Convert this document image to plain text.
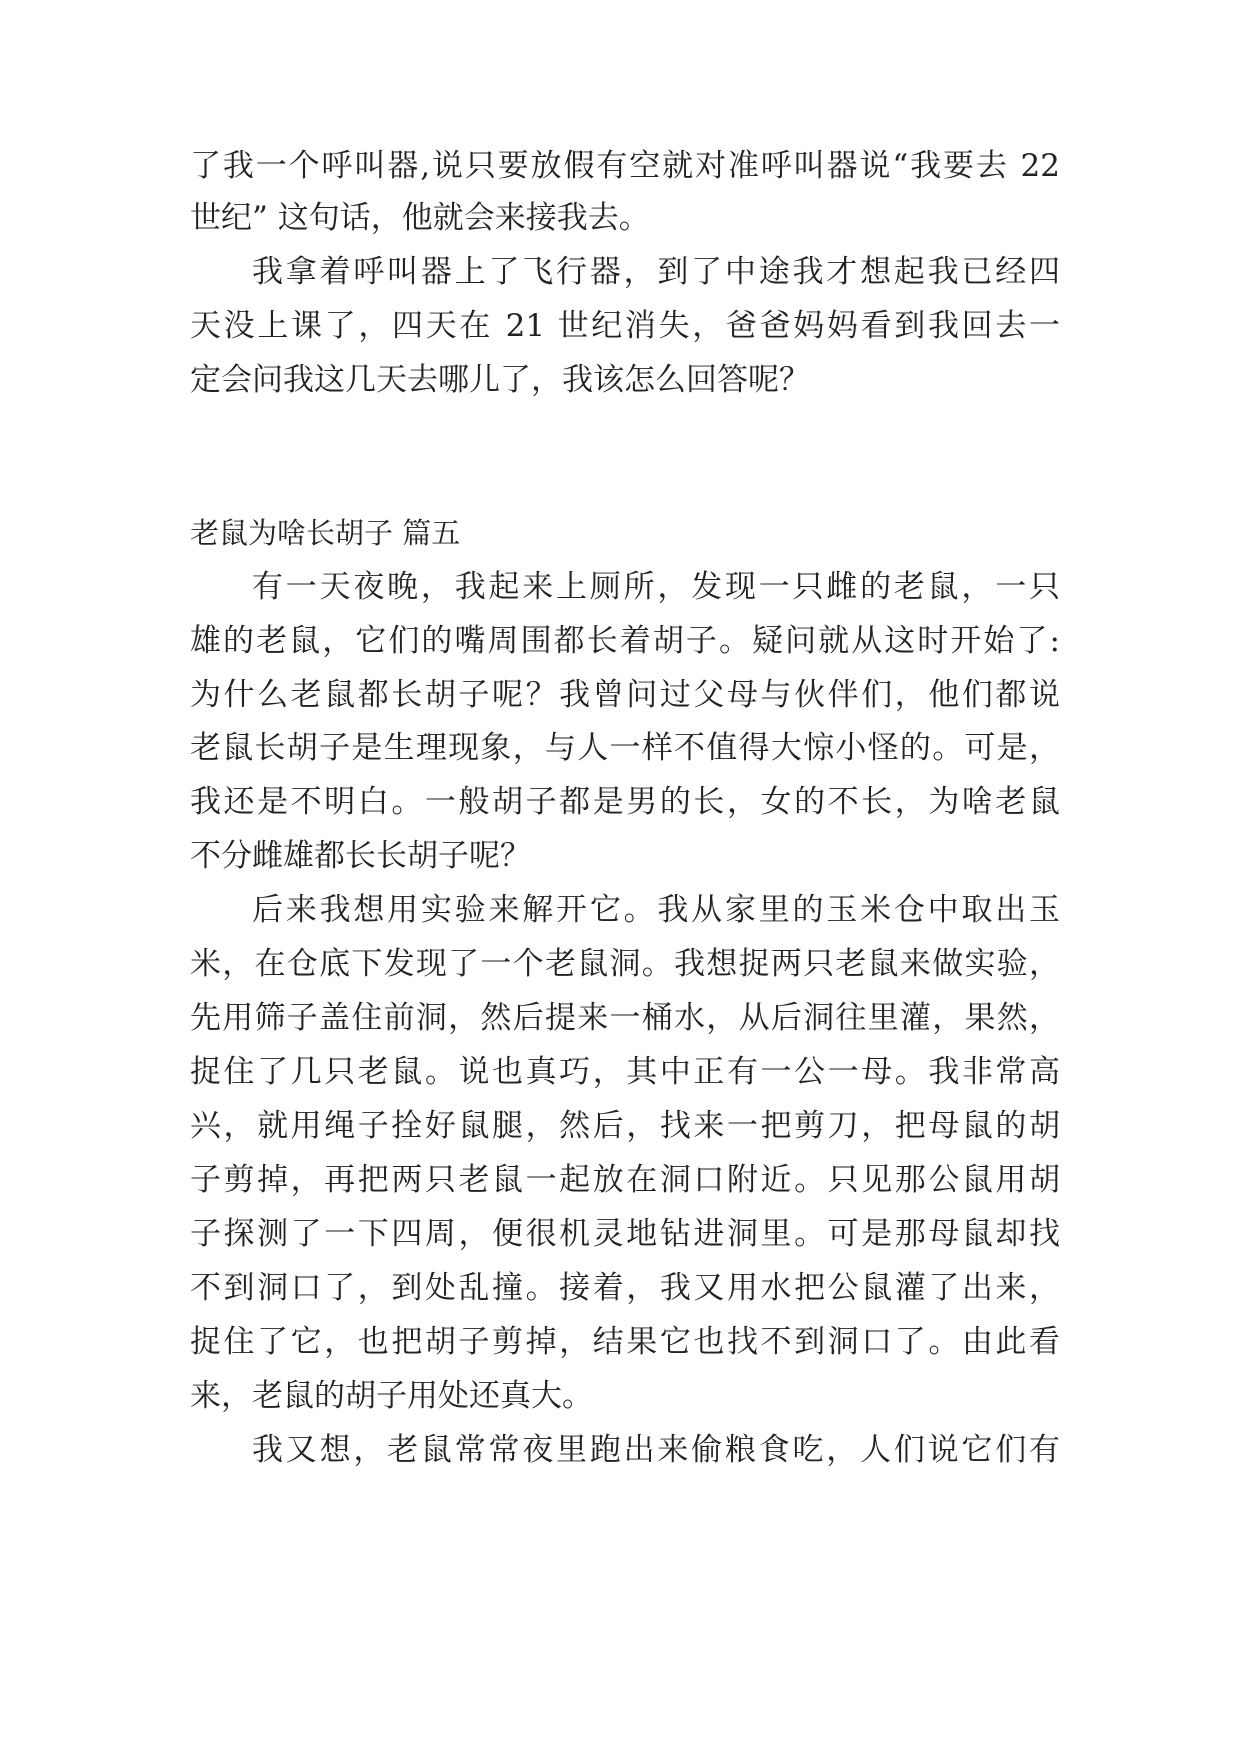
了我一个呼叫器,说只要放假有空就对准呼叫器说“我要去 22
世纪” 这句话，他就会来接我去。
我拿着呼叫器上了飞行器，到了中途我才想起我已经四
天没上课了，四天在 21 世纪消失，爸爸妈妈看到我回去一
定会问我这几天去哪儿了，我该怎么回答呢？
老鼠为啥长胡子 篇五
有一天夜晚，我起来上厕所，发现一只雌的老鼠，一只
雄的老鼠，它们的嘴周围都长着胡子。疑问就从这时开始了:
为什么老鼠都长胡子呢？我曾问过父母与伙伴们，他们都说
老鼠长胡子是生理现象，与人一样不值得大惊小怪的。可是，
我还是不明白。一般胡子都是男的长，女的不长，为啥老鼠
不分雌雄都长长胡子呢？
后来我想用实验来解开它。我从家里的玉米仓中取出玉
米，在仓底下发现了一个老鼠洞。我想捉两只老鼠来做实验，
先用筛子盖住前洞，然后提来一桶水，从后洞往里灌，果然，
捉住了几只老鼠。说也真巧，其中正有一公一母。我非常高
兴，就用绳子拴好鼠腿，然后，找来一把剪刀，把母鼠的胡
子剪掉，再把两只老鼠一起放在洞口附近。只见那公鼠用胡
子探测了一下四周，便很机灵地钻进洞里。可是那母鼠却找
不到洞口了，到处乱撞。接着，我又用水把公鼠灌了出来，
捉住了它，也把胡子剪掉，结果它也找不到洞口了。由此看
来，老鼠的胡子用处还真大。
我又想，老鼠常常夜里跑出来偷粮食吃，人们说它们有
